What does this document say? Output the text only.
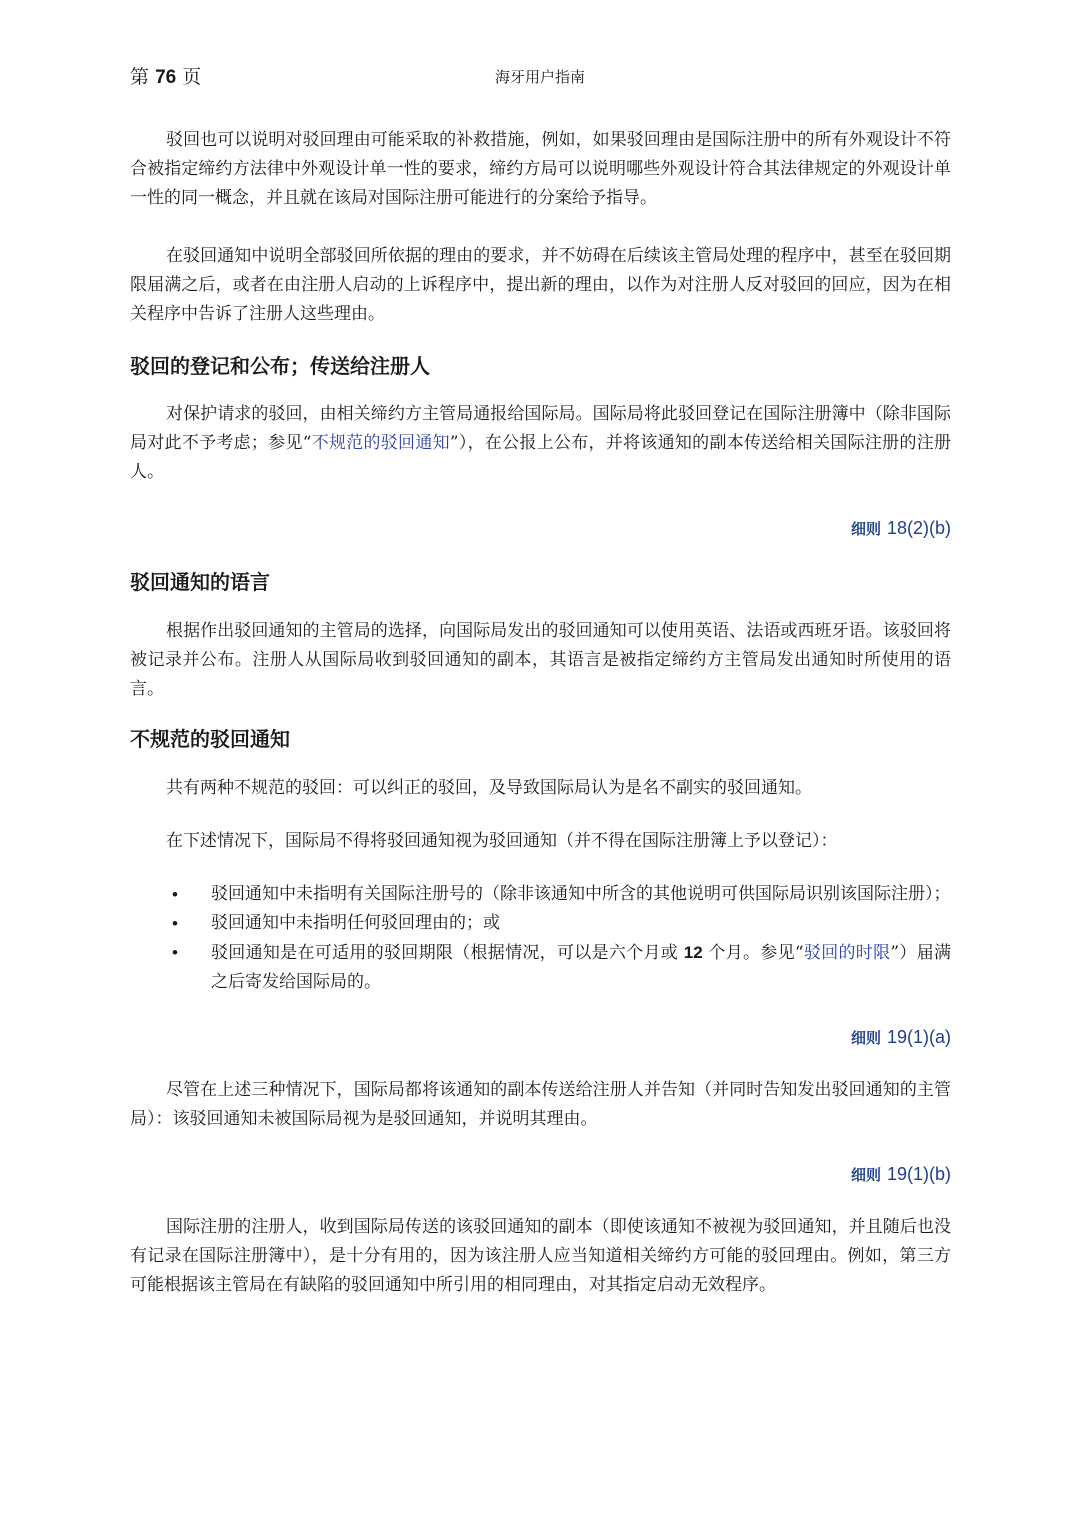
第 76 页	海牙用户指南

驳回也可以说明对驳回理由可能采取的补救措施，例如，如果驳回理由是国际注册中的所有外观设计不符合被指定缔约方法律中外观设计单一性的要求，缔约方局可以说明哪些外观设计符合其法律规定的外观设计单一性的同一概念，并且就在该局对国际注册可能进行的分案给予指导。

在驳回通知中说明全部驳回所依据的理由的要求，并不妨碍在后续该主管局处理的程序中，甚至在驳回期限届满之后，或者在由注册人启动的上诉程序中，提出新的理由，以作为对注册人反对驳回的回应，因为在相关程序中告诉了注册人这些理由。

驳回的登记和公布；传送给注册人

对保护请求的驳回，由相关缔约方主管局通报给国际局。国际局将此驳回登记在国际注册簿中（除非国际局对此不予考虑；参见“不规范的驳回通知”），在公报上公布，并将该通知的副本传送给相关国际注册的注册人。

细则 18(2)(b)
驳回通知的语言

根据作出驳回通知的主管局的选择，向国际局发出的驳回通知可以使用英语、法语或西班牙语。该驳回将被记录并公布。注册人从国际局收到驳回通知的副本，其语言是被指定缔约方主管局发出通知时所使用的语言。

不规范的驳回通知

共有两种不规范的驳回：可以纠正的驳回，及导致国际局认为是名不副实的驳回通知。

在下述情况下，国际局不得将驳回通知视为驳回通知（并不得在国际注册簿上予以登记）：

• 驳回通知中未指明有关国际注册号的（除非该通知中所含的其他说明可供国际局识别该国际注册）；
• 驳回通知中未指明任何驳回理由的；或
• 驳回通知是在可适用的驳回期限（根据情况，可以是六个月或 12 个月。参见“驳回的时限”）届满之后寄发给国际局的。
细则 19(1)(a)

尽管在上述三种情况下，国际局都将该通知的副本传送给注册人并告知（并同时告知发出驳回通知的主管局）：该驳回通知未被国际局视为是驳回通知，并说明其理由。

细则 19(1)(b)

国际注册的注册人，收到国际局传送的该驳回通知的副本（即使该通知不被视为驳回通知，并且随后也没有记录在国际注册簿中），是十分有用的，因为该注册人应当知道相关缔约方可能的驳回理由。例如，第三方可能根据该主管局在有缺陷的驳回通知中所引用的相同理由，对其指定启动无效程序。
